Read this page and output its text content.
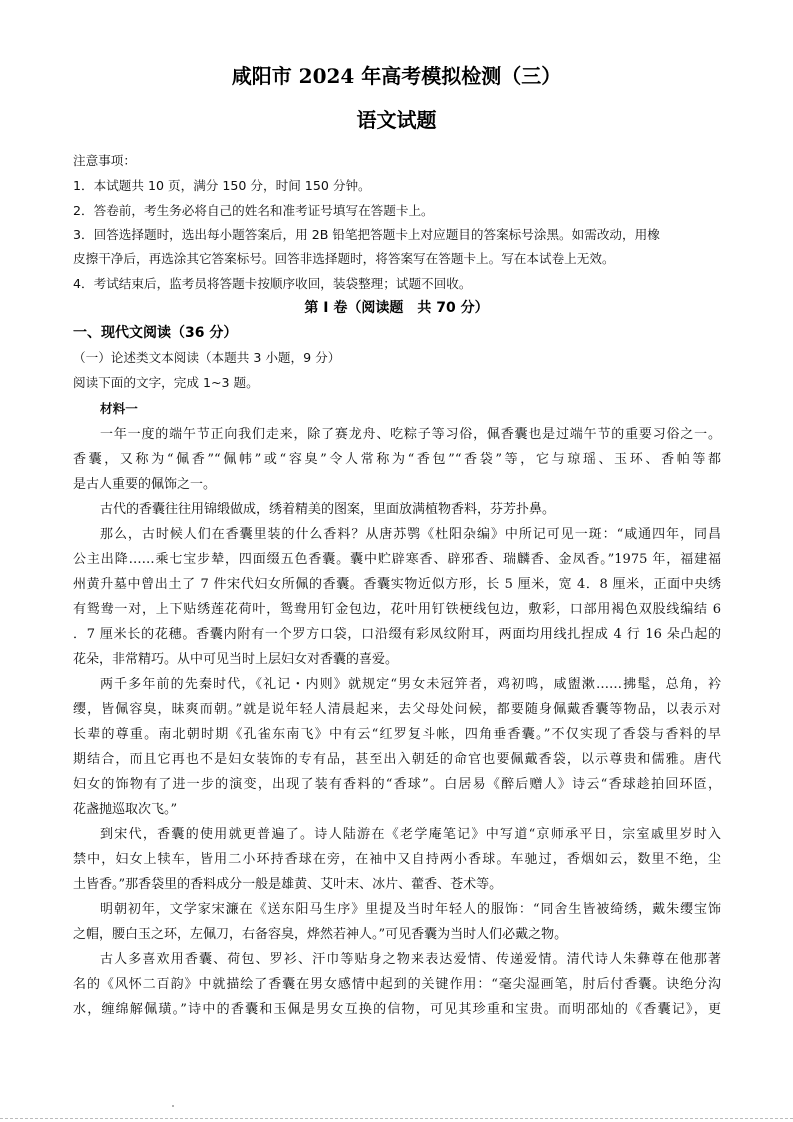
咸阳市 2024 年高考模拟检测（三）
语文试题
注意事项：
1．本试题共 10 页，满分 150 分，时间 150 分钟。
2．答卷前，考生务必将自己的姓名和准考证号填写在答题卡上。
3．回答选择题时，选出每小题答案后，用 2B 铅笔把答题卡上对应题目的答案标号涂黑。如需改动，用橡
皮擦干净后，再选涂其它答案标号。回答非选择题时，将答案写在答题卡上。写在本试卷上无效。
4．考试结束后，监考员将答题卡按顺序收回，装袋整理；试题不回收。
第 I 卷（阅读题　共 70 分）
一、现代文阅读（36 分）
（一）论述类文本阅读（本题共 3 小题，9 分）
阅读下面的文字，完成 1~3 题。
材料一
一年一度的端午节正向我们走来，除了赛龙舟、吃粽子等习俗，佩香囊也是过端午节的重要习俗之一。
香囊，又称为“佩香”“佩帏”或“容臭”令人常称为“香包”“香袋”等，它与琼瑶、玉环、香帕等都
是古人重要的佩饰之一。
古代的香囊往往用锦缎做成，绣着精美的图案，里面放满植物香料，芬芳扑鼻。
那么，古时候人们在香囊里装的什么香料？从唐苏鹗《杜阳杂编》中所记可见一斑：“咸通四年，同昌
公主出降……乘七宝步辇，四面缀五色香囊。囊中贮辟寒香、辟邪香、瑞麟香、金凤香。”1975 年，福建福
州黄升墓中曾出土了 7 件宋代妇女所佩的香囊。香囊实物近似方形，长 5 厘米，宽 4．8 厘米，正面中央绣
有鸳鸯一对，上下贴绣莲花荷叶，鸳鸯用钉金包边，花叶用钉铁梗线包边，敷彩，口部用褐色双股线编结 6
．7 厘米长的花穗。香囊内附有一个罗方口袋，口沿缀有彩凤纹附耳，两面均用线扎捏成 4 行 16 朵凸起的
花朵，非常精巧。从中可见当时上层妇女对香囊的喜爱。
两千多年前的先秦时代，《礼记・内则》就规定“男女未冠笄者，鸡初鸣，咸盥漱……拂髦，总角，衿
缨，皆佩容臭，昧爽而朝。”就是说年轻人清晨起来，去父母处问候，都要随身佩戴香囊等物品，以表示对
长辈的尊重。南北朝时期《孔雀东南飞》中有云“红罗复斗帐，四角垂香囊。”不仅实现了香袋与香料的早
期结合，而且它再也不是妇女装饰的专有品，甚至出入朝廷的命官也要佩戴香袋，以示尊贵和儒雅。唐代
妇女的饰物有了进一步的演变，出现了装有香料的“香球”。白居易《醉后赠人》诗云“香球趁拍回环匼，
花盏抛巡取次飞。”
到宋代，香囊的使用就更普遍了。诗人陆游在《老学庵笔记》中写道“京师承平日，宗室戚里岁时入
禁中，妇女上犊车，皆用二小环持香球在旁，在袖中又自持两小香球。车驰过，香烟如云，数里不绝，尘
土皆香。”那香袋里的香料成分一般是雄黄、艾叶末、冰片、藿香、苍术等。
明朝初年，文学家宋濂在《送东阳马生序》里提及当时年轻人的服饰：“同舍生皆被绮绣，戴朱缨宝饰
之帽，腰白玉之环，左佩刀，右备容臭，烨然若神人。”可见香囊为当时人们必戴之物。
古人多喜欢用香囊、荷包、罗衫、汗巾等贴身之物来表达爱情、传递爱情。清代诗人朱彝尊在他那著
名的《风怀二百韵》中就描绘了香囊在男女感情中起到的关键作用：“毫尖湿画笔，肘后付香囊。诀绝分沟
水，缠绵解佩璜。”诗中的香囊和玉佩是男女互换的信物，可见其珍重和宝贵。而明邵灿的《香囊记》，更
